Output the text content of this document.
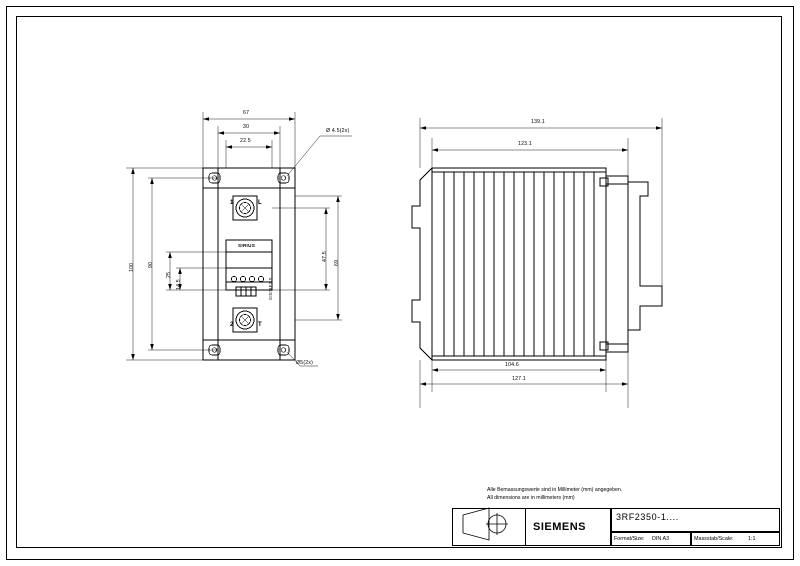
67
30
22.5
Ø 4.5(2x)
Ø5(2x)
100	90
25
14.5
47.5
69
SIRIUS
SIEMENS
1	L
2	T
139.1
123.1
104.6
127.1
Alle Bemassungswerte sind in Millimeter (mm) angegeben.
All dimensions are in millimeters (mm)
SIEMENS
3RF2350-1....
Format/Size: DIN A3	Massstab/Scale:	1:1
